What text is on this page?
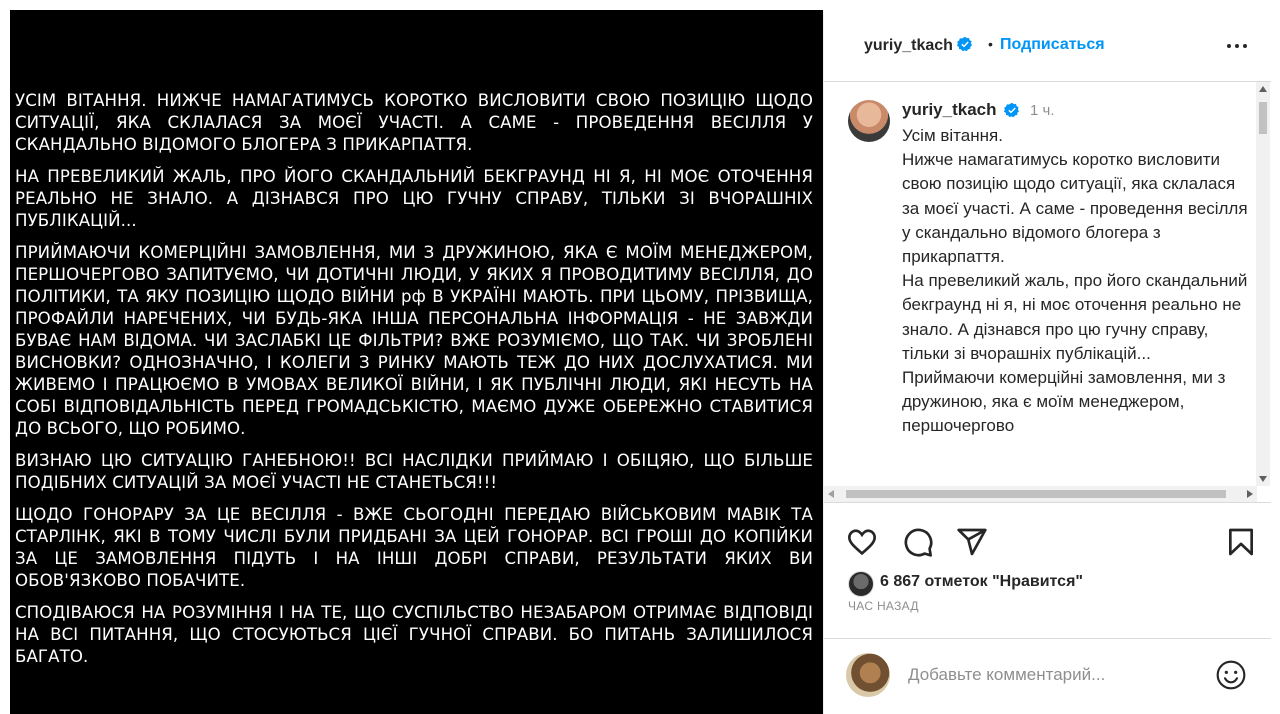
УСІМ ВІТАННЯ. НИЖЧЕ НАМАГАТИМУСЬ КОРОТКО ВИСЛОВИТИ СВОЮ ПОЗИЦІЮ ЩОДО СИТУАЦІЇ, ЯКА СКЛАЛАСЯ ЗА МОЄЇ УЧАСТІ. А САМЕ - ПРОВЕДЕННЯ ВЕСІЛЛЯ У СКАНДАЛЬНО ВІДОМОГО БЛОГЕРА З ПРИКАРПАТТЯ.

НА ПРЕВЕЛИКИЙ ЖАЛЬ, ПРО ЙОГО СКАНДАЛЬНИЙ БЕКГРАУНД НІ Я, НІ МОЄ ОТОЧЕННЯ РЕАЛЬНО НЕ ЗНАЛО. А ДІЗНАВСЯ ПРО ЦЮ ГУЧНУ СПРАВУ, ТІЛЬКИ ЗІ ВЧОРАШНІХ ПУБЛІКАЦІЙ...

ПРИЙМАЮЧИ КОМЕРЦІЙНІ ЗАМОВЛЕННЯ, МИ З ДРУЖИНОЮ, ЯКА Є МОЇМ МЕНЕДЖЕРОМ, ПЕРШОЧЕРГОВО ЗАПИТУЄМО, ЧИ ДОТИЧНІ ЛЮДИ, У ЯКИХ Я ПРОВОДИТИМУ ВЕСІЛЛЯ, ДО ПОЛІТИКИ, ТА ЯКУ ПОЗИЦІЮ ЩОДО ВІЙНИ рф В УКРАЇНІ МАЮТЬ. ПРИ ЦЬОМУ, ПРІЗВИЩА, ПРОФАЙЛИ НАРЕЧЕНИХ, ЧИ БУДЬ-ЯКА ІНША ПЕРСОНАЛЬНА ІНФОРМАЦІЯ - НЕ ЗАВЖДИ БУВАЄ НАМ ВІДОМА. ЧИ ЗАСЛАБКІ ЦЕ ФІЛЬТРИ? ВЖЕ РОЗУМІЄМО, ЩО ТАК. ЧИ ЗРОБЛЕНІ ВИСНОВКИ? ОДНОЗНАЧНО, І КОЛЕГИ З РИНКУ МАЮТЬ ТЕЖ ДО НИХ ДОСЛУХАТИСЯ. МИ ЖИВЕМО І ПРАЦЮЄМО В УМОВАХ ВЕЛИКОЇ ВІЙНИ, І ЯК ПУБЛІЧНІ ЛЮДИ, ЯКІ НЕСУТЬ НА СОБІ ВІДПОВІДАЛЬНІСТЬ ПЕРЕД ГРОМАДСЬКІСТЮ, МАЄМО ДУЖЕ ОБЕРЕЖНО СТАВИТИСЯ ДО ВСЬОГО, ЩО РОБИМО.

ВИЗНАЮ ЦЮ СИТУАЦІЮ ГАНЕБНОЮ!! ВСІ НАСЛІДКИ ПРИЙМАЮ І ОБІЦЯЮ, ЩО БІЛЬШЕ ПОДІБНИХ СИТУАЦІЙ ЗА МОЄЇ УЧАСТІ НЕ СТАНЕТЬСЯ!!!

ЩОДО ГОНОРАРУ ЗА ЦЕ ВЕСІЛЛЯ - ВЖЕ СЬОГОДНІ ПЕРЕДАЮ ВІЙСЬКОВИМ МАВІК ТА СТАРЛІНК, ЯКІ В ТОМУ ЧИСЛІ БУЛИ ПРИДБАНІ ЗА ЦЕЙ ГОНОРАР. ВСІ ГРОШІ ДО КОПІЙКИ ЗА ЦЕ ЗАМОВЛЕННЯ ПІДУТЬ І НА ІНШІ ДОБРІ СПРАВИ, РЕЗУЛЬТАТИ ЯКИХ ВИ ОБОВ'ЯЗКОВО ПОБАЧИТЕ.

СПОДІВАЮСЯ НА РОЗУМІННЯ І НА ТЕ, ЩО СУСПІЛЬСТВО НЕЗАБАРОМ ОТРИМАЄ ВІДПОВІДІ НА ВСІ ПИТАННЯ, ЩО СТОСУЮТЬСЯ ЦІЄЇ ГУЧНОЇ СПРАВИ. БО ПИТАНЬ ЗАЛИШИЛОСЯ БАГАТО.

yuriy_tkach	• Подписаться
yuriy_tkach 1 ч.
Усім вітання.
Нижче намагатимусь коротко висловити свою позицію щодо ситуації, яка склалася за моєї участі. А саме - проведення весілля у скандально відомого блогера з прикарпаття.
На превеликий жаль, про його скандальний бекграунд ні я, ні моє оточення реально не знало. А дізнався про цю гучну справу, тільки зі вчорашніх публікацій...
Приймаючи комерційні замовлення, ми з дружиною, яка є моїм менеджером, першочергово
6 867 отметок "Нравится"
ЧАС НАЗАД
Добавьте комментарий...
